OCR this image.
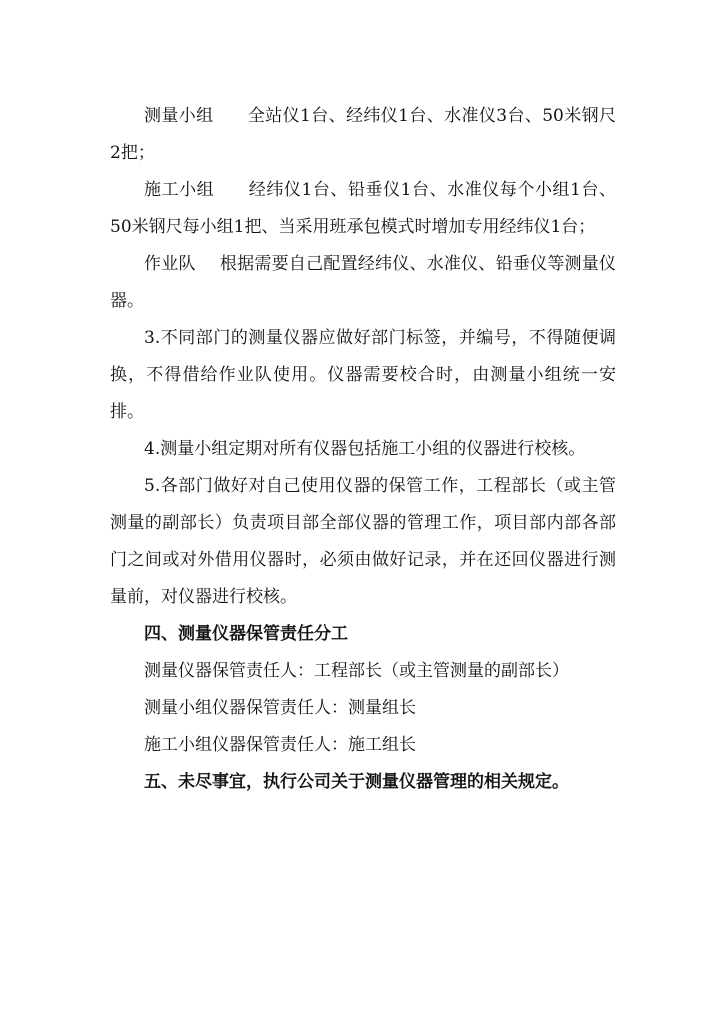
测量小组 全站仪1台、经纬仪1台、水准仪3台、50米钢尺2把；

施工小组 经纬仪1台、铅垂仪1台、水准仪每个小组1台、50米钢尺每小组1把、当采用班承包模式时增加专用经纬仪1台；

作业队 根据需要自己配置经纬仪、水准仪、铅垂仪等测量仪器。

3.不同部门的测量仪器应做好部门标签，并编号，不得随便调换，不得借给作业队使用。仪器需要校合时，由测量小组统一安排。

4.测量小组定期对所有仪器包括施工小组的仪器进行校核。

5.各部门做好对自己使用仪器的保管工作，工程部长（或主管测量的副部长）负责项目部全部仪器的管理工作，项目部内部各部门之间或对外借用仪器时，必须由做好记录，并在还回仪器进行测量前，对仪器进行校核。

四、测量仪器保管责任分工

测量仪器保管责任人：工程部长（或主管测量的副部长）

测量小组仪器保管责任人：测量组长

施工小组仪器保管责任人：施工组长

五、未尽事宜，执行公司关于测量仪器管理的相关规定。
